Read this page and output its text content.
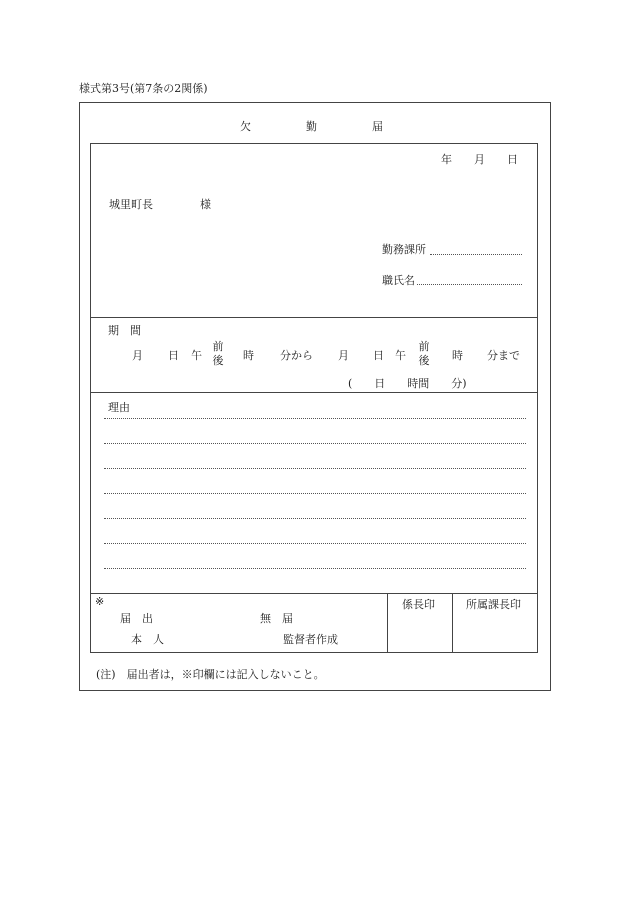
様式第3号(第7条の2関係)
欠　　　　　勤　　　　　届
年　　月　　日
城里町長	様
勤務課所
職氏名
期　間
月 日 午
前
後 時 分から 月 日 午
前
後 時 分まで
(　　日　　時間　　分)
理由
※
届　出	無　届
本　人	監督者作成
係長印	所属課長印
(注)　届出者は，※印欄には記入しないこと。
